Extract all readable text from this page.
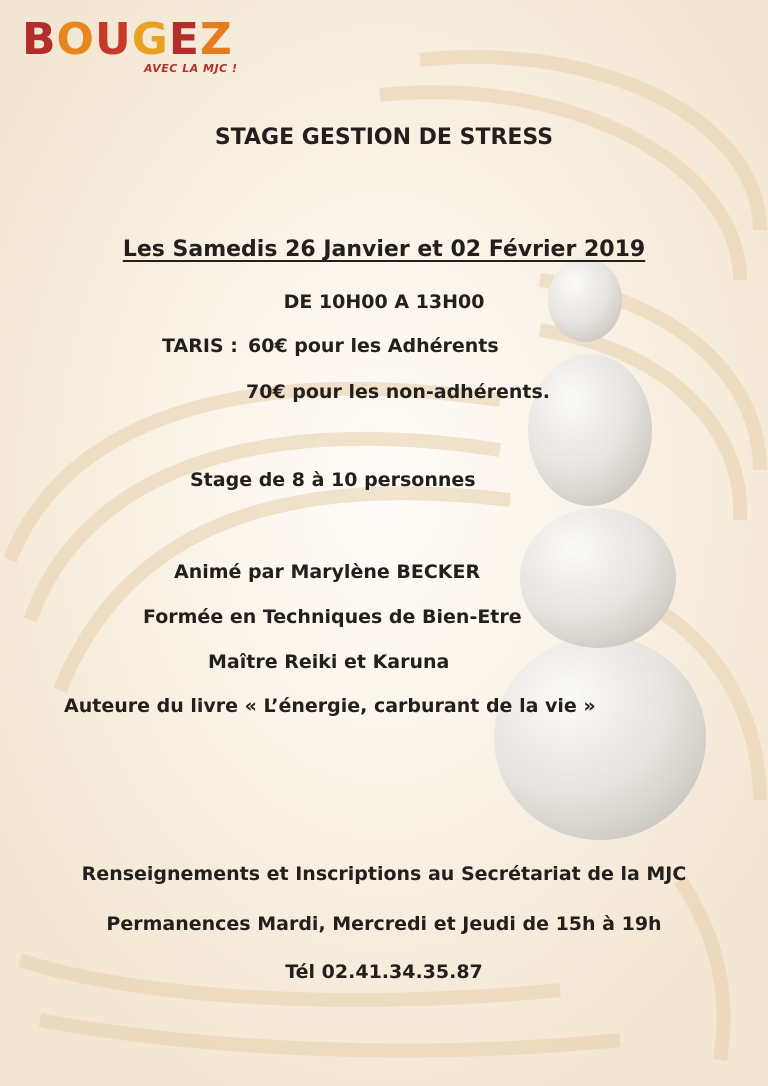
BOUGEZ
AVEC LA MJC !
STAGE GESTION DE STRESS
Les Samedis 26 Janvier et 02 Février 2019
DE 10H00 A 13H00
TARIS : 60€ pour les Adhérents
70€ pour les non-adhérents.
Stage de 8 à 10 personnes
Animé par Marylène BECKER
Formée en Techniques de Bien-Etre
Maître Reiki et Karuna
Auteure du livre « L’énergie, carburant de la vie »
Renseignements et Inscriptions au Secrétariat de la MJC
Permanences Mardi, Mercredi et Jeudi de 15h à 19h
Tél 02.41.34.35.87
